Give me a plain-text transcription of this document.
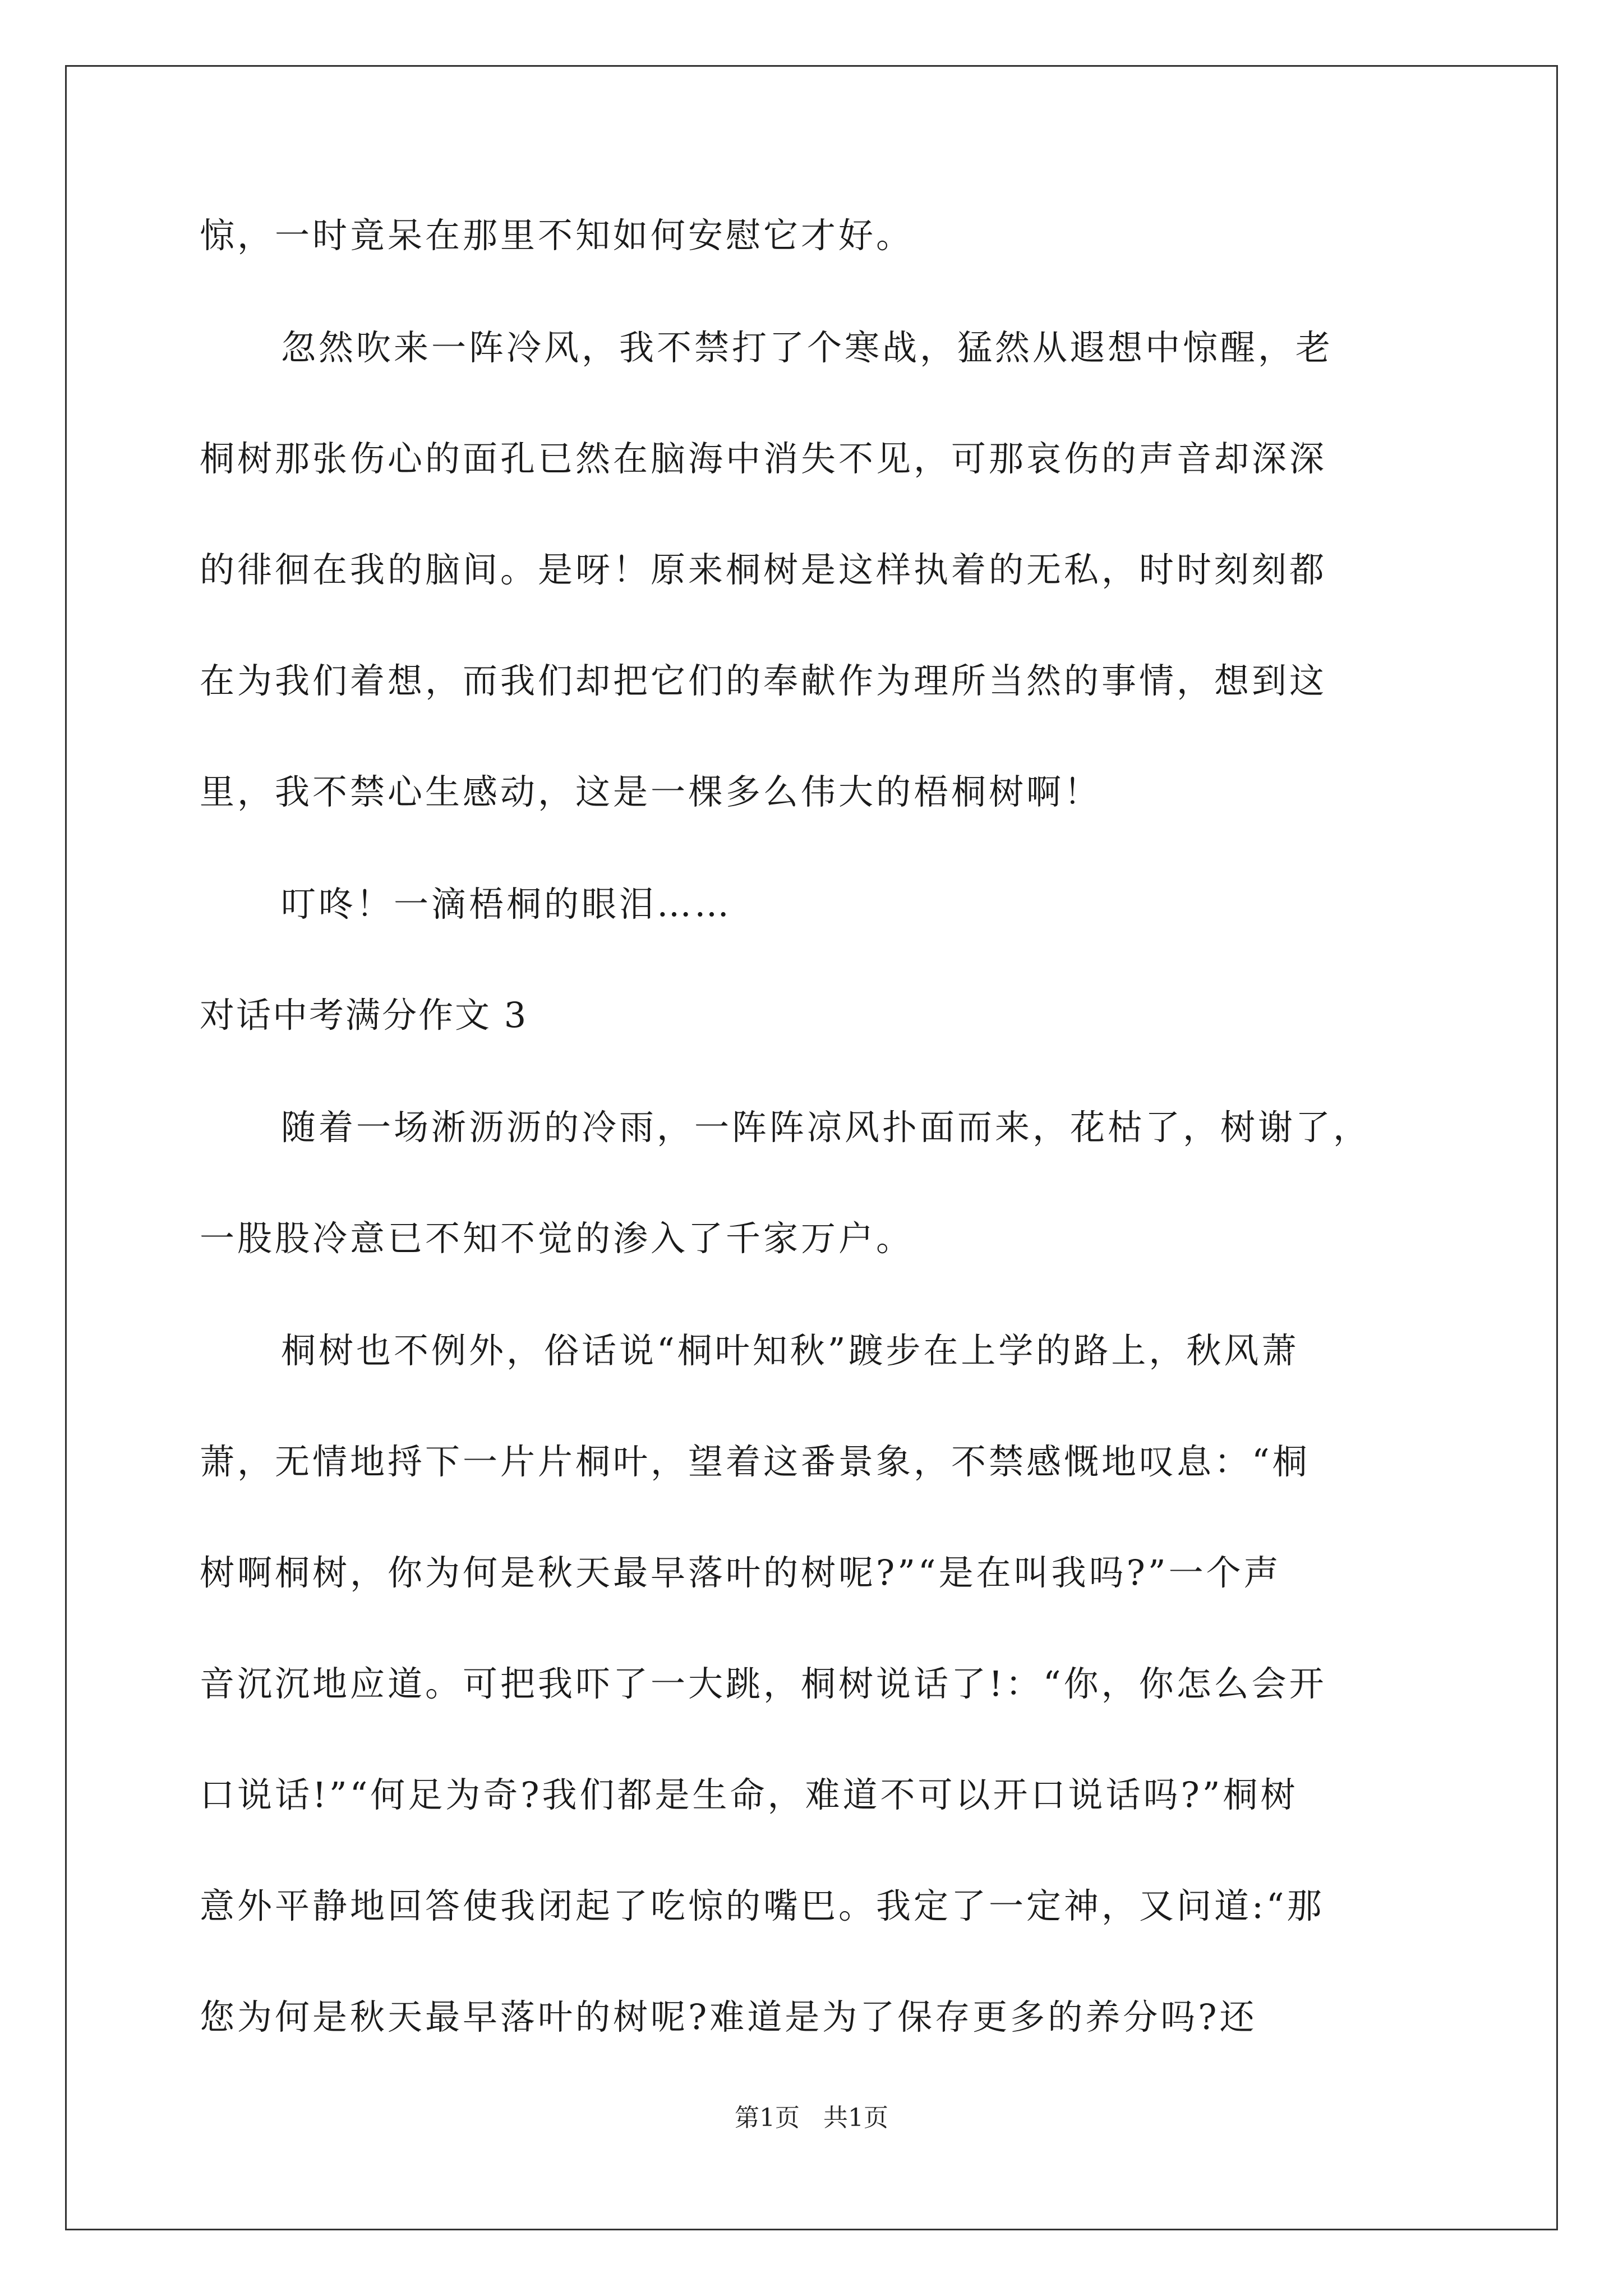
惊，一时竟呆在那里不知如何安慰它才好。
忽然吹来一阵冷风，我不禁打了个寒战，猛然从遐想中惊醒，老
桐树那张伤心的面孔已然在脑海中消失不见，可那哀伤的声音却深深
的徘徊在我的脑间。是呀！原来桐树是这样执着的无私，时时刻刻都
在为我们着想，而我们却把它们的奉献作为理所当然的事情，想到这
里，我不禁心生感动，这是一棵多么伟大的梧桐树啊！
叮咚！一滴梧桐的眼泪……
对话中考满分作文 3
随着一场淅沥沥的冷雨，一阵阵凉风扑面而来，花枯了，树谢了，
一股股冷意已不知不觉的渗入了千家万户。
桐树也不例外，俗话说“桐叶知秋”踱步在上学的路上，秋风萧
萧，无情地捋下一片片桐叶，望着这番景象，不禁感慨地叹息：“桐
树啊桐树，你为何是秋天最早落叶的树呢?”“是在叫我吗?”一个声
音沉沉地应道。可把我吓了一大跳，桐树说话了!：“你，你怎么会开
口说话!”“何足为奇?我们都是生命，难道不可以开口说话吗?”桐树
意外平静地回答使我闭起了吃惊的嘴巴。我定了一定神，又问道:“那
您为何是秋天最早落叶的树呢?难道是为了保存更多的养分吗?还
第1页   共1页
